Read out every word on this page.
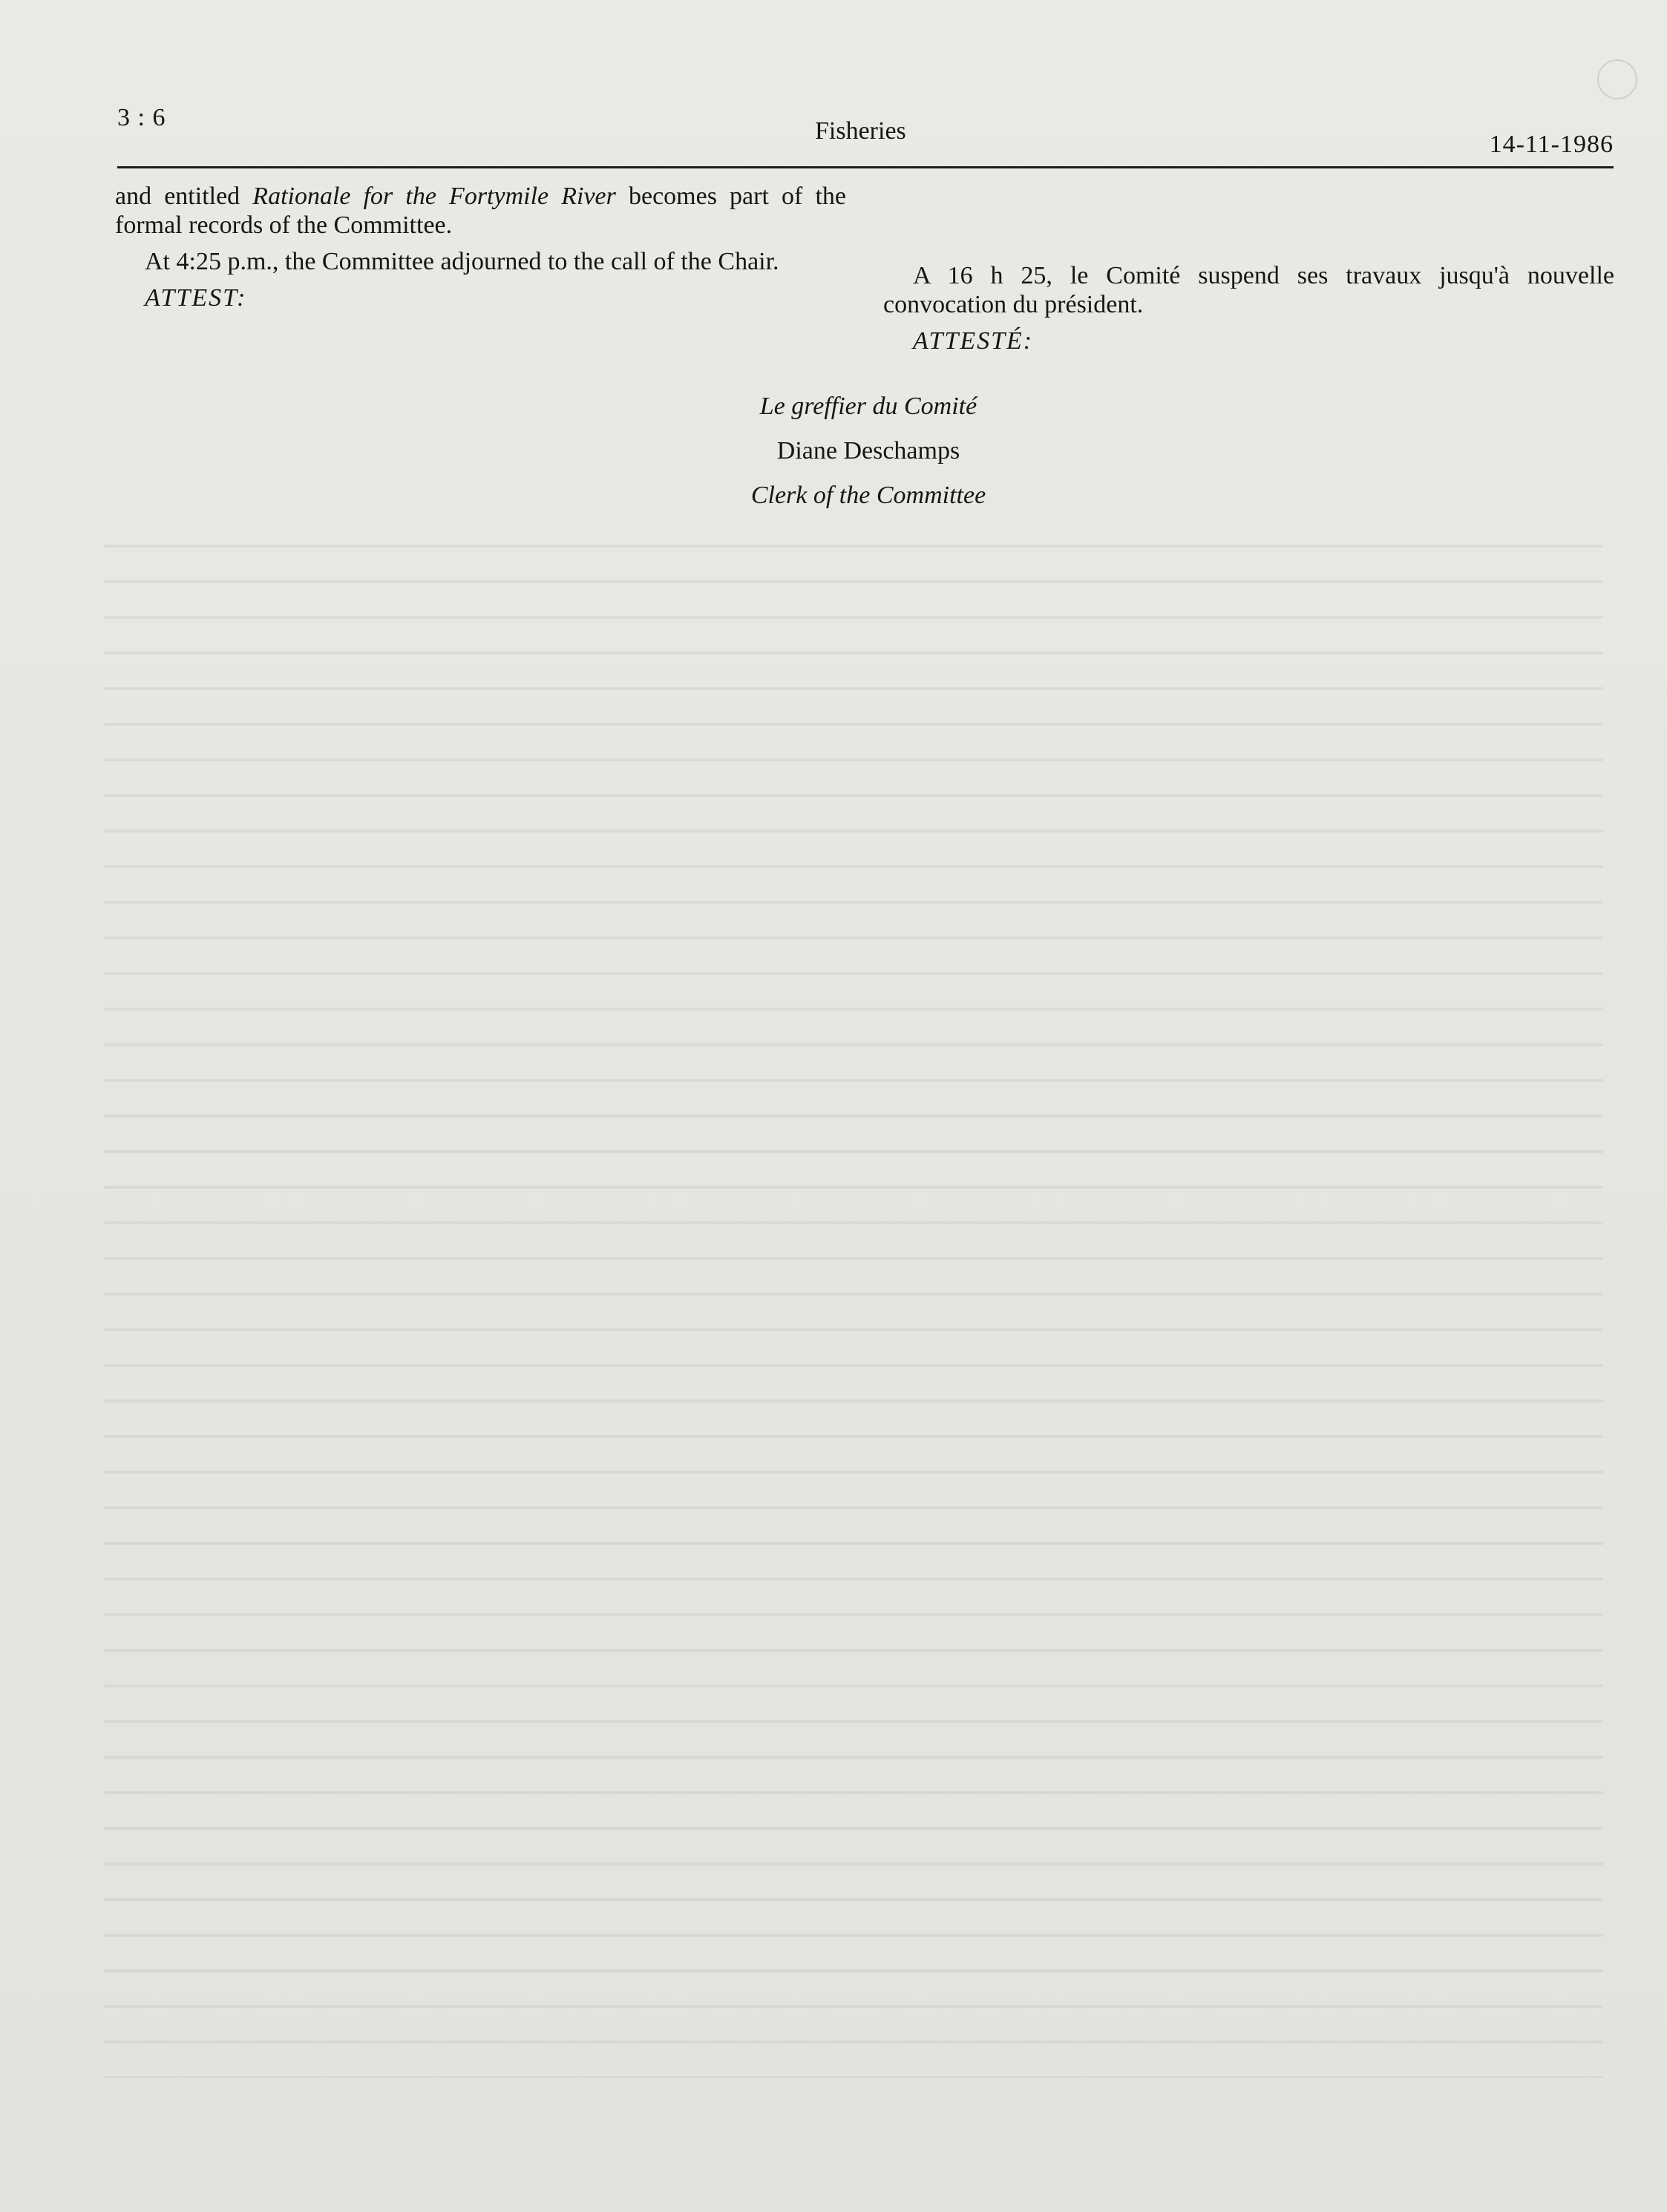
3 : 6	Fisheries	14-11-1986

and entitled Rationale for the Fortymile River becomes part of the formal records of the Committee.

At 4:25 p.m., the Committee adjourned to the call of the Chair.

ATTEST:

A 16 h 25, le Comité suspend ses travaux jusqu'à nouvelle convocation du président.

ATTESTÉ:
Le greffier du Comité
Diane Deschamps
Clerk of the Committee
